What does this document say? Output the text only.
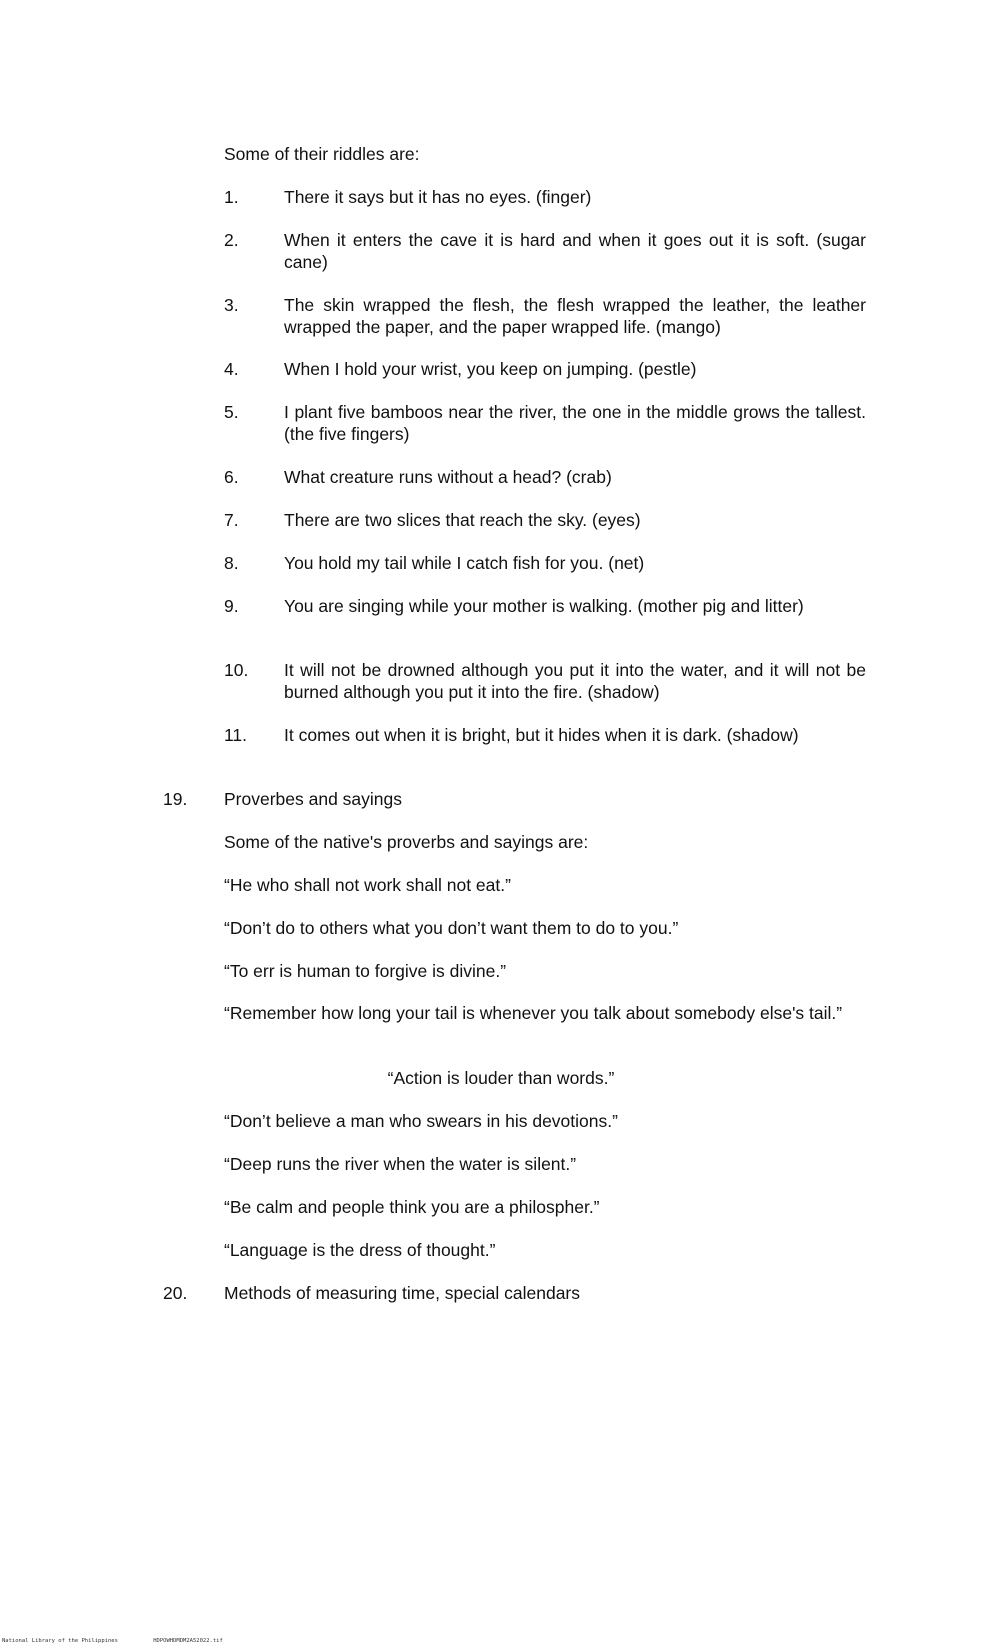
Some of their riddles are:

1.	There it says but it has no eyes. (finger)
2.	When it enters the cave it is hard and when it goes out it is soft. (sugar cane)
3.	The skin wrapped the flesh, the flesh wrapped the leather, the leather wrapped the paper, and the paper wrapped life. (mango)
4.	When I hold your wrist, you keep on jumping. (pestle)
5.	I plant five bamboos near the river, the one in the middle grows the tallest. (the five fingers)
6.	What creature runs without a head? (crab)
7.	There are two slices that reach the sky. (eyes)
8.	You hold my tail while I catch fish for you. (net)
9.	You are singing while your mother is walking. (mother pig and litter)
10.	It will not be drowned although you put it into the water, and it will not be burned although you put it into the fire. (shadow)
11.	It comes out when it is bright, but it hides when it is dark. (shadow)
19. Proverbes and sayings

Some of the native's proverbs and sayings are:

“He who shall not work shall not eat.”

“Don’t do to others what you don’t want them to do to you.”

“To err is human to forgive is divine.”

“Remember how long your tail is whenever you talk about somebody else's tail.”

“Action is louder than words.”

“Don’t believe a man who swears in his devotions.”

“Deep runs the river when the water is silent.”

“Be calm and people think you are a philospher.”

“Language is the dress of thought.”

20. Methods of measuring time, special calendars
National Library of the Philippines	HDPOWHDMDM2A52022.tif
